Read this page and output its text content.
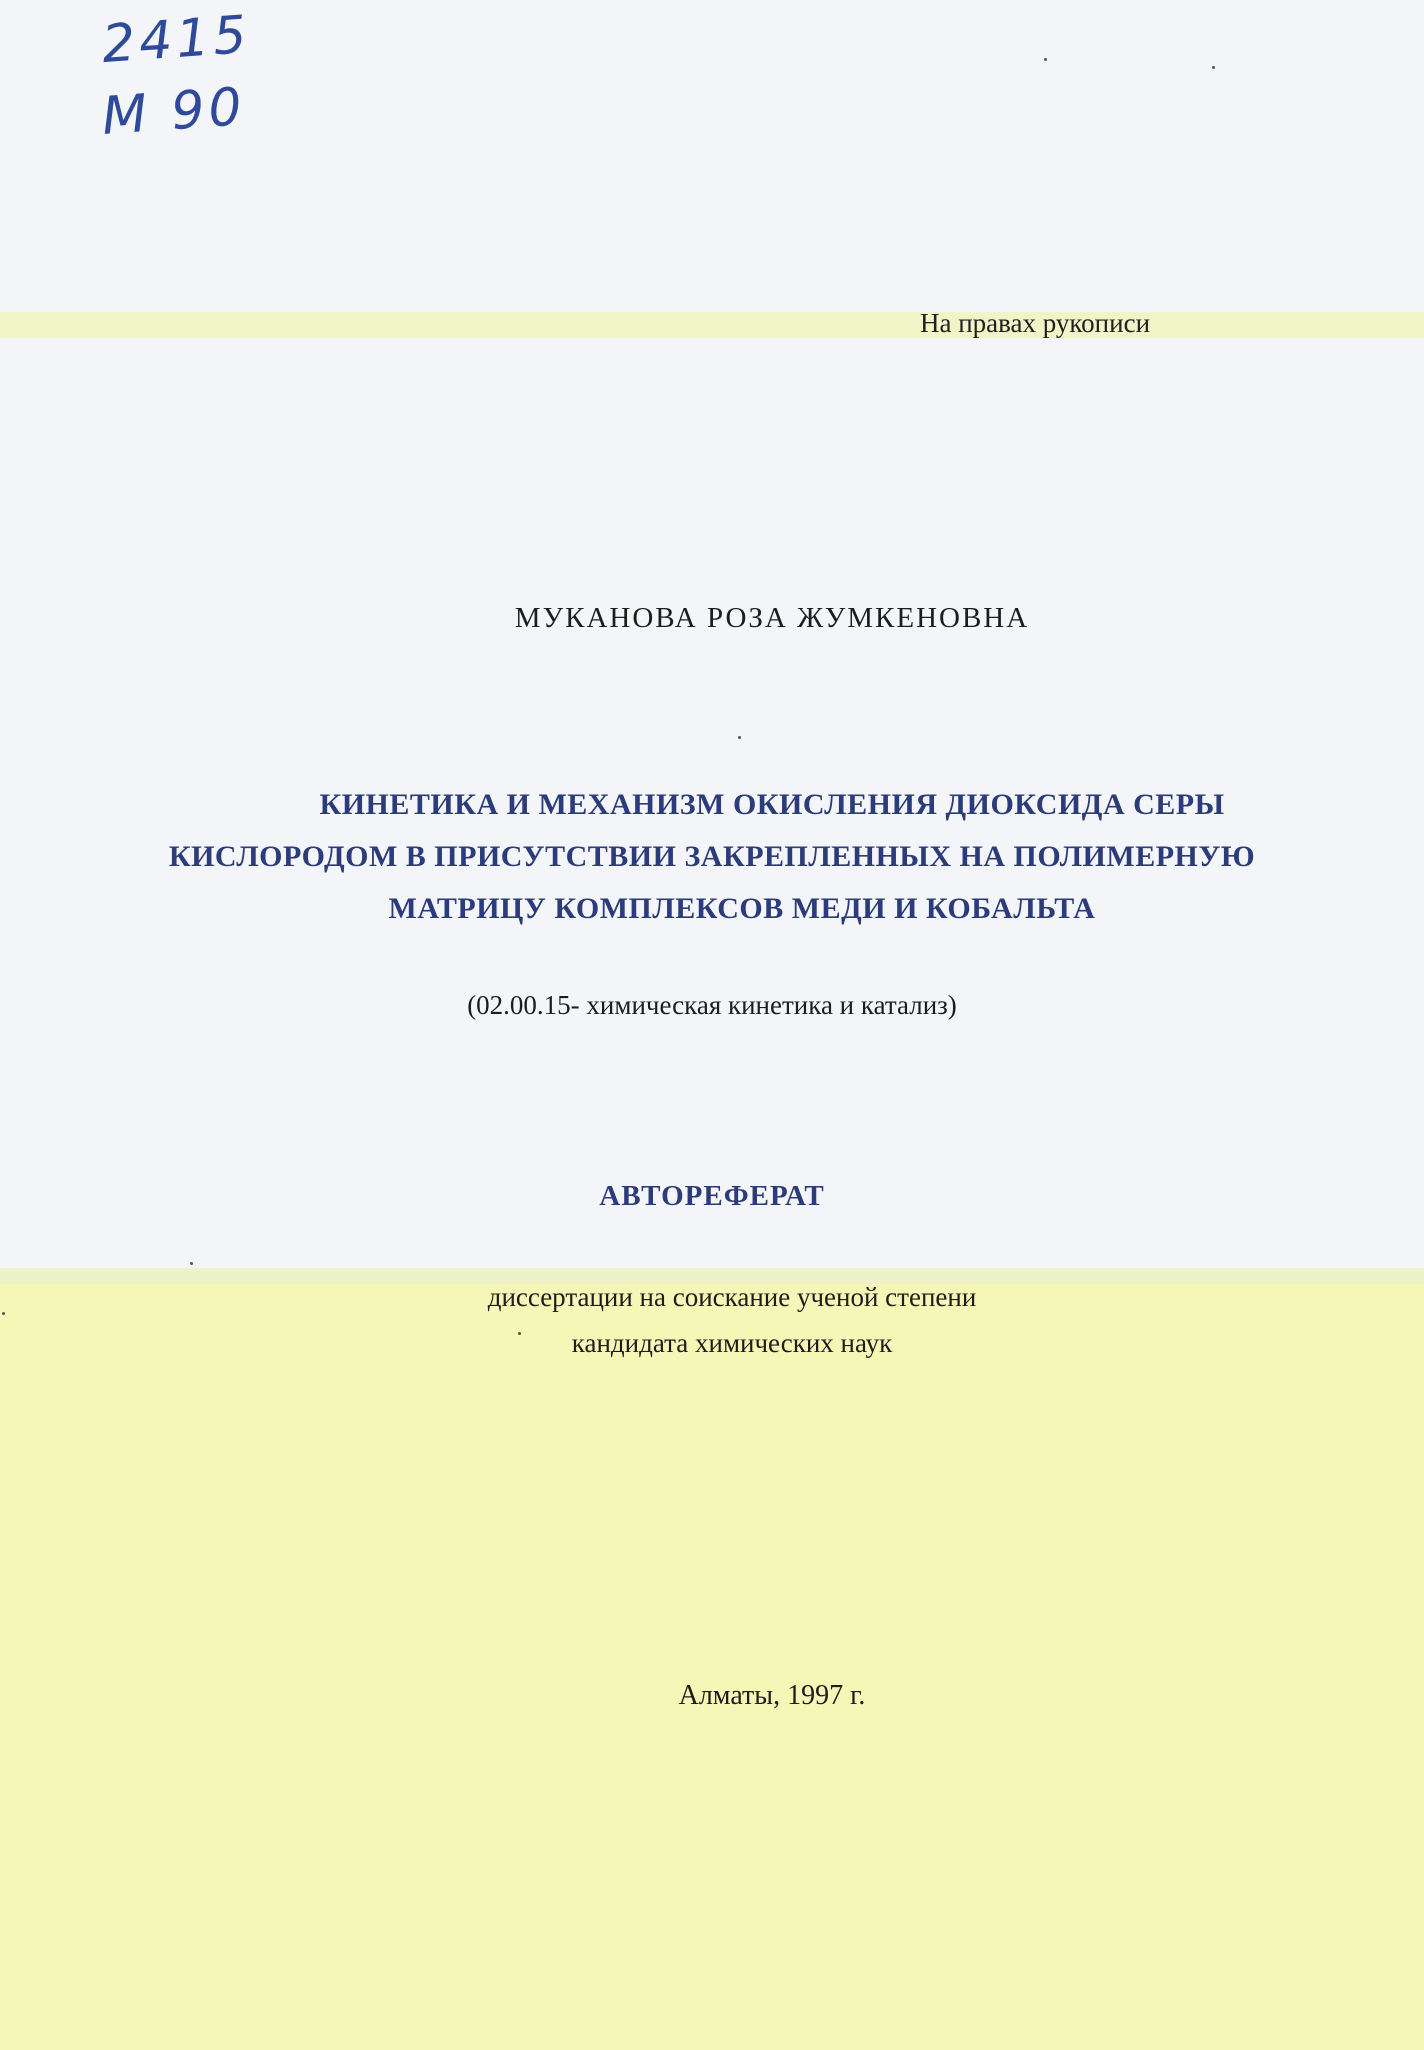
2415
M 90
На правах рукописи
МУКАНОВА РОЗА ЖУМКЕНОВНА
КИНЕТИКА И МЕХАНИЗМ ОКИСЛЕНИЯ ДИОКСИДА СЕРЫ
КИСЛОРОДОМ В ПРИСУТСТВИИ ЗАКРЕПЛЕННЫХ НА ПОЛИМЕРНУЮ
МАТРИЦУ КОМПЛЕКСОВ МЕДИ И КОБАЛЬТА
(02.00.15- химическая кинетика и катализ)
АВТОРЕФЕРАТ
диссертации на соискание ученой степени
кандидата химических наук
Алматы, 1997 г.
